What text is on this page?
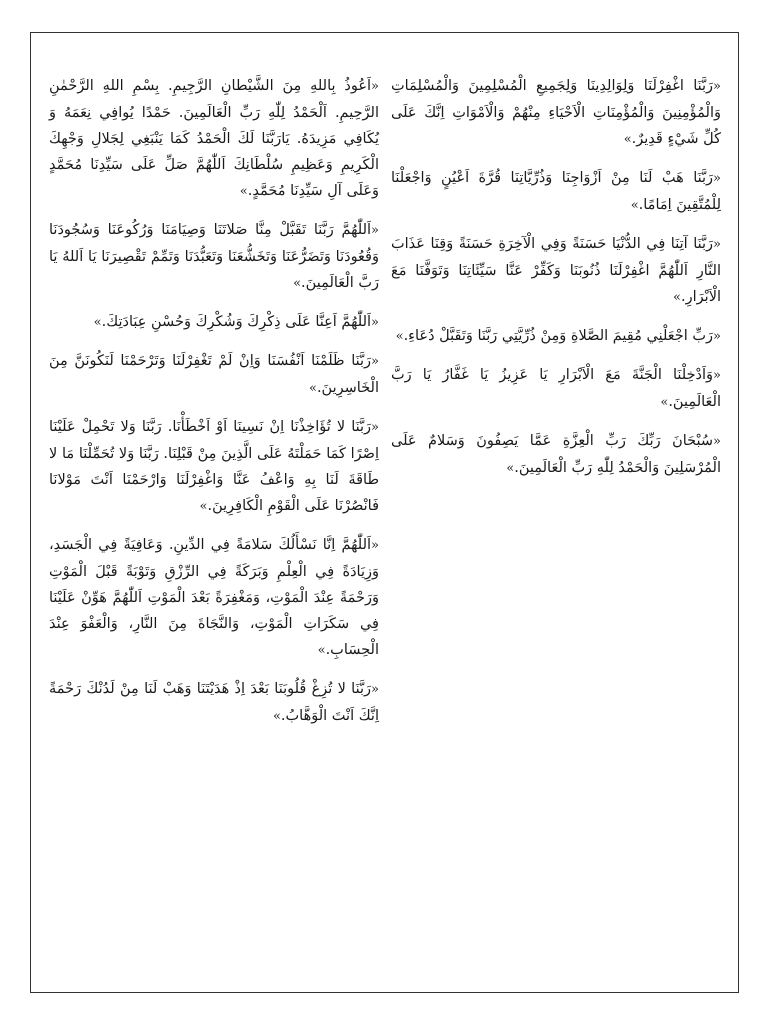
«رَبَّنَا اغْفِرْلَنَا وَلِوَالِدِينَا وَلِجَمِيعِ الْمُسْلِمِينَ وَالْمُسْلِمَاتِ وَالْمُؤْمِنِينَ وَالْمُؤْمِنَاتِ الْاَحْيَاءِ مِنْهُمْ وَالْاَمْوَاتِ اِنَّكَ عَلَى كُلِّ شَيْءٍ قَدِيرٌ.»

«رَبَّنَا هَبْ لَنَا مِنْ اَزْوَاجِنَا وَذُرِّيَّاتِنَا قُرَّةَ اَعْيُنٍ وَاجْعَلْنَا لِلْمُتَّقِينَ اِمَامًا.»

«رَبَّنَا آتِنَا فِي الدُّنْيَا حَسَنَةً وَفِي الْآخِرَةِ حَسَنَةً وَقِنَا عَذَابَ النَّارِ اَللّٰهُمَّ اغْفِرْلَنَا ذُنُوبَنَا وَكَفِّرْ عَنَّا سَيِّئَاتِنَا وَتَوَفَّنَا مَعَ الْاَبْرَارِ.»

«رَبِّ اجْعَلْنِي مُقِيمَ الصَّلاةِ وَمِنْ ذُرِّيَّتِي رَبَّنَا وَتَقَبَّلْ دُعَاءِ.»

«وَاَدْخِلْنَا الْجَنَّةَ مَعَ الْاَبْرَارِ يَا عَزِيزُ يَا غَفَّارُ يَا رَبَّ الْعَالَمِينَ.»

«سُبْحَانَ رَبِّكَ رَبِّ الْعِزَّةِ عَمَّا يَصِفُونَ وَسَلامٌ عَلَى الْمُرْسَلِينَ وَالْحَمْدُ لِلّٰهِ رَبِّ الْعَالَمِينَ.»

«اَعُوذُ بِاللهِ مِنَ الشَّيْطانِ الرَّجِيمِ. بِسْمِ اللهِ الرَّحْمٰنِ الرَّحِيمِ. اَلْحَمْدُ لِلّٰهِ رَبِّ الْعَالَمِينَ. حَمْدًا يُوافِي نِعَمَهُ وَ يُكَافِي مَزِيدَهُ. يَارَبَّنَا لَكَ الْحَمْدُ كَمَا يَنْبَغِي لِجَلالِ وَجْهِكَ الْكَرِيمِ وَعَظِيمِ سُلْطَانِكَ اَللّٰهُمَّ صَلِّ عَلَى سَيِّدِنَا مُحَمَّدٍ وَعَلَى آلِ سَيِّدِنَا مُحَمَّدٍ.»

«اَللّٰهُمَّ رَبَّنَا تَقَبَّلْ مِنَّا صَلاتَنَا وَصِيَامَنَا وَرُكُوعَنَا وَسُجُودَنَا وَقُعُودَنَا وَتَضَرُّعَنَا وَتَخَشُّعَنَا وَتَعَبُّدَنَا وَتَمِّمْ تَقْصِيرَنَا يَا اَللهُ يَا رَبَّ الْعَالَمِينَ.»

«اَللّٰهُمَّ اَعِنَّا عَلَى ذِكْرِكَ وَشُكْرِكَ وَحُسْنِ عِبَادَتِكَ.»

«رَبَّنَا ظَلَمْنَا اَنْفُسَنَا وَاِنْ لَمْ تَغْفِرْلَنَا وَتَرْحَمْنَا لَنَكُونَنَّ مِنَ الْخَاسِرِينَ.»

«رَبَّنَا لا تُؤَاخِذْنَا اِنْ نَسِينَا اَوْ اَخْطَأْنَا. رَبَّنَا وَلا تَحْمِلْ عَلَيْنَا اِصْرًا كَمَا حَمَلْتَهُ عَلَى الَّذِينَ مِنْ قَبْلِنَا. رَبَّنَا وَلا تُحَمِّلْنَا مَا لا طَاقَةَ لَنَا بِهِ وَاعْفُ عَنَّا وَاغْفِرْلَنَا وَارْحَمْنَا اَنْتَ مَوْلانَا فَانْصُرْنَا عَلَى الْقَوْمِ الْكَافِرِينَ.»

«اَللّٰهُمَّ اِنَّا نَسْأَلُكَ سَلامَةً فِي الدِّينِ. وَعَافِيَةً فِي الْجَسَدِ، وَزِيَادَةً فِي الْعِلْمِ وَبَرَكَةً فِي الرِّزْقِ وَتَوْبَةً قَبْلَ الْمَوْتِ وَرَحْمَةً عِنْدَ الْمَوْتِ، وَمَغْفِرَةً بَعْدَ الْمَوْتِ اَللّٰهُمَّ هَوِّنْ عَلَيْنَا فِي سَكَرَاتِ الْمَوْتِ، وَالنَّجَاةَ مِنَ النَّارِ، وَالْعَفْوَ عِنْدَ الْحِسَابِ.»

«رَبَّنَا لا تُزِغْ قُلُوبَنَا بَعْدَ اِذْ هَدَيْتَنَا وَهَبْ لَنَا مِنْ لَدُنْكَ رَحْمَةً اِنَّكَ اَنْتَ الْوَهَّابُ.»
